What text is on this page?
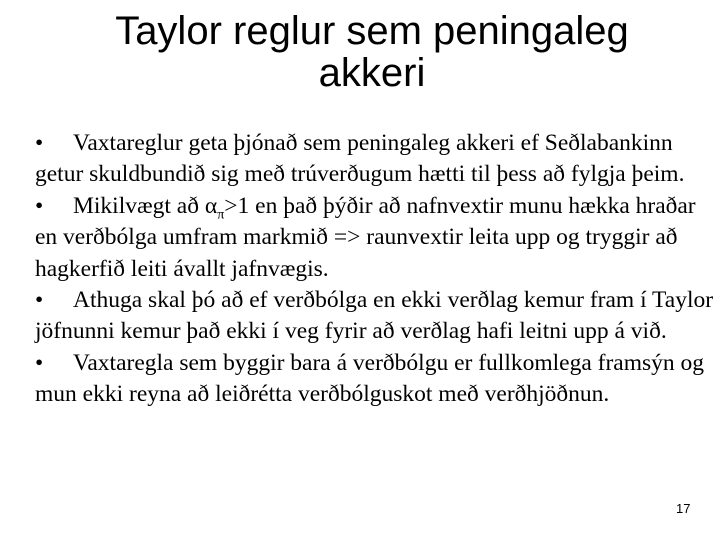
Taylor reglur sem peningaleg
akkeri

• Vaxtareglur geta þjónað sem peningaleg akkeri ef Seðlabankinn getur skuldbundið sig með trúverðugum hætti til þess að fylgja þeim.

• Mikilvægt að $\alpha_\pi>1$ en það þýðir að nafnvextir munu hækka hraðar en verðbólga umfram markmið => raunvextir leita upp og tryggir að hagkerfið leiti ávallt jafnvægis.

• Athuga skal þó að ef verðbólga en ekki verðlag kemur fram í Taylor jöfnunni kemur það ekki í veg fyrir að verðlag hafi leitni upp á við.

• Vaxtaregla sem byggir bara á verðbólgu er fullkomlega framsýn og mun ekki reyna að leiðrétta verðbólguskot með verðhjöðnun.

17
